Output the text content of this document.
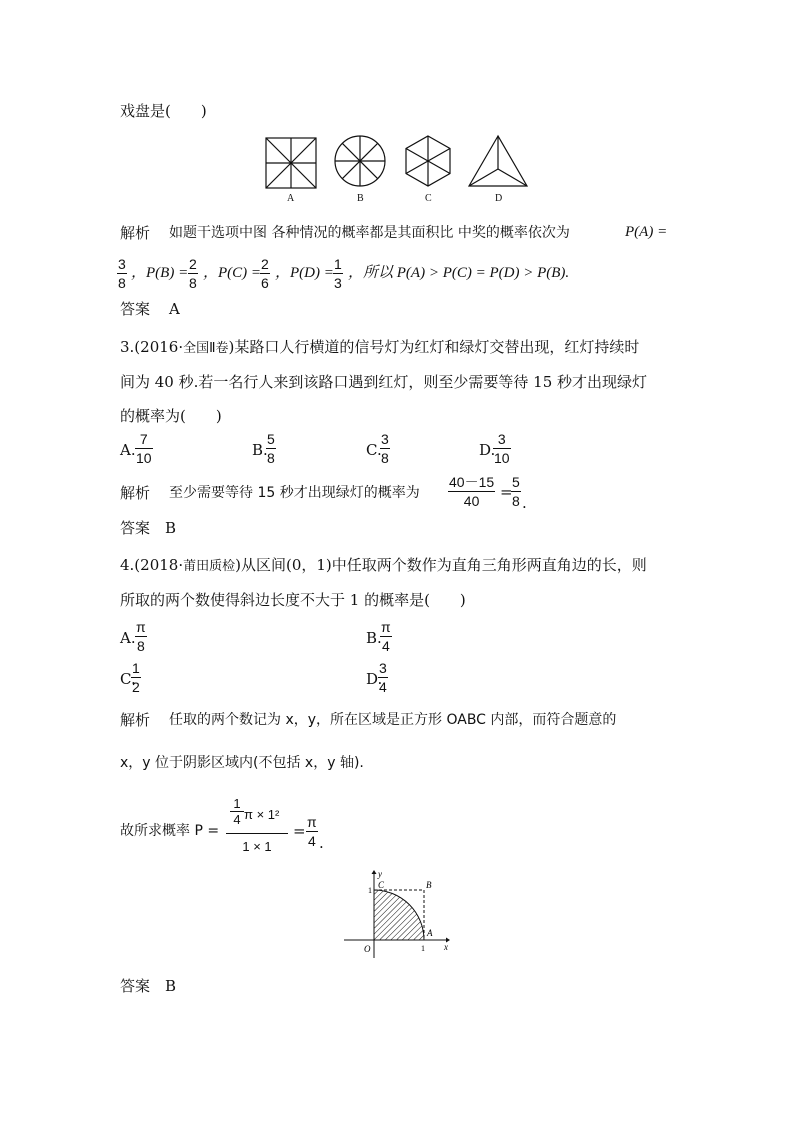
戏盘是(　　)
A	B	C	D
解析 如题干选项中图 各种情况的概率都是其面积比 中奖的概率依次为	P(A) =
3
8
，P(B) =
2
8
，P(C) =
2
6
，P(D) =
1
3
，所以 P(A) > P(C) = P(D) > P(B).
答案 A
3.(2016·全国Ⅱ卷)某路口人行横道的信号灯为红灯和绿灯交替出现，红灯持续时
间为 40 秒.若一名行人来到该路口遇到红灯，则至少需要等待 15 秒才出现绿灯
的概率为(　　)
A.
7
10	B.
5
8	C.
3
8	D.
3
10
解析 至少需要等待 15 秒才出现绿灯的概率为
40－15
40	=
5
8 .
答案 B
4.(2018·莆田质检)从区间(0，1)中任取两个数作为直角三角形两直角边的长，则
所取的两个数使得斜边长度不大于 1 的概率是(　　)
A.
π
8	B.
π
4
C.
1
2	D.
3
4
解析 任取的两个数记为 x，y，所在区域是正方形 OABC 内部，而符合题意的
x，y 位于阴影区域内(不包括 x，y 轴).
故所求概率 P =
1
4 π × 1²
1 × 1
= π
4 .
y
x
O
A
B
C
1
1
答案 B
